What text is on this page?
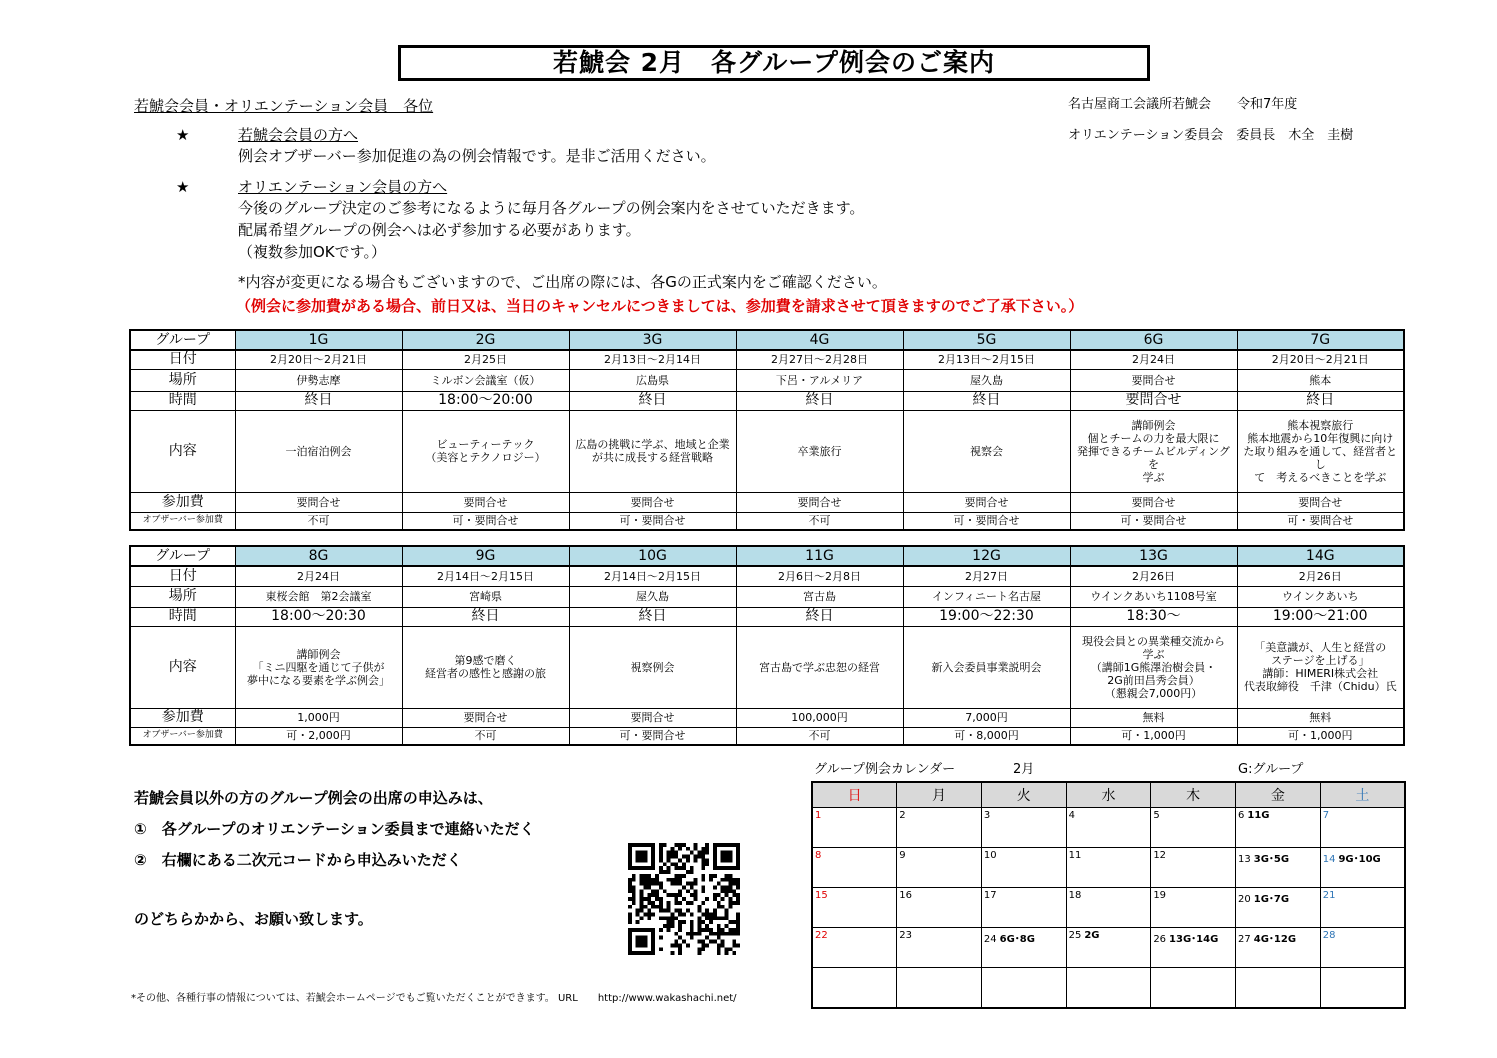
若鯱会 2月　各グループ例会のご案内
若鯱会会員・オリエンテーション会員　各位	名古屋商工会議所若鯱会　　令和7年度
オリエンテーション委員会　委員長　木全　圭樹
★	若鯱会会員の方へ
例会オブザーバー参加促進の為の例会情報です。是非ご活用ください。
★	オリエンテーション会員の方へ
今後のグループ決定のご参考になるように毎月各グループの例会案内をさせていただきます。
配属希望グループの例会へは必ず参加する必要があります。
（複数参加OKです。）
*内容が変更になる場合もございますので、ご出席の際には、各Gの正式案内をご確認ください。
（例会に参加費がある場合、前日又は、当日のキャンセルにつきましては、参加費を請求させて頂きますのでご了承下さい。）
グループ	1G	2G	3G	4G	5G	6G	7G
日付	2月20日～2月21日	2月25日	2月13日～2月14日	2月27日～2月28日	2月13日～2月15日	2月24日	2月20日～2月21日
場所	伊勢志摩	ミルボン会議室（仮）	広島県	下呂・アルメリア	屋久島	要問合せ	熊本
時間	終日	18:00～20:00	終日	終日	終日	要問合せ	終日
内容	一泊宿泊例会	ビューティーテック
（美容とテクノロジー）	広島の挑戦に学ぶ、地域と企業
が共に成長する経営戦略	卒業旅行	視察会	講師例会
個とチームの力を最大限に
発揮できるチームビルディングを
学ぶ	熊本視察旅行
熊本地震から10年復興に向け
た取り組みを通して、経営者とし
て　考えるべきことを学ぶ
参加費	要問合せ	要問合せ	要問合せ	要問合せ	要問合せ	要問合せ	要問合せ
オブザーバー参加費	不可	可・要問合せ	可・要問合せ	不可	可・要問合せ	可・要問合せ	可・要問合せ
グループ	8G	9G	10G	11G	12G	13G	14G
日付	2月24日	2月14日～2月15日	2月14日～2月15日	2月6日～2月8日	2月27日	2月26日	2月26日
場所	東桜会館　第2会議室	宮崎県	屋久島	宮古島	インフィニート名古屋	ウインクあいち1108号室	ウインクあいち
時間	18:00～20:30	終日	終日	終日	19:00～22:30	18:30～	19:00～21:00
内容	講師例会
「ミニ四駆を通じて子供が
夢中になる要素を学ぶ例会」	第9感で磨く
経営者の感性と感謝の旅	視察例会	宮古島で学ぶ忠恕の経営	新入会委員事業説明会	現役会員との異業種交流から
学ぶ
（講師1G熊澤治樹会員・
2G前田昌秀会員）
（懇親会7,000円）	「美意識が、人生と経営の
ステージを上げる」
講師：HIMERI株式会社
代表取締役　千津（Chidu）氏
参加費	1,000円	要問合せ	要問合せ	100,000円	7,000円	無料	無料
オブザーバー参加費	可・2,000円	不可	可・要問合せ	不可	可・8,000円	可・1,000円	可・1,000円
若鯱会員以外の方のグループ例会の出席の申込みは、
①　各グループのオリエンテーション委員まで連絡いただく
②　右欄にある二次元コードから申込みいただく
のどちらかから、お願い致します。
*その他、各種行事の情報については、若鯱会ホームページでもご覧いただくことができます。 URL　　http://www.wakashachi.net/
グループ例会カレンダー	2月	G:グループ
日	月	火	水	木	金	土
1	2	3	4	5	6 11G	7
8	9	10	11	12	13 3G･5G	14 9G･10G
15	16	17	18	19	20 1G･7G	21
22	23	24 6G･8G	25 2G	26 13G･14G	27 4G･12G	28
